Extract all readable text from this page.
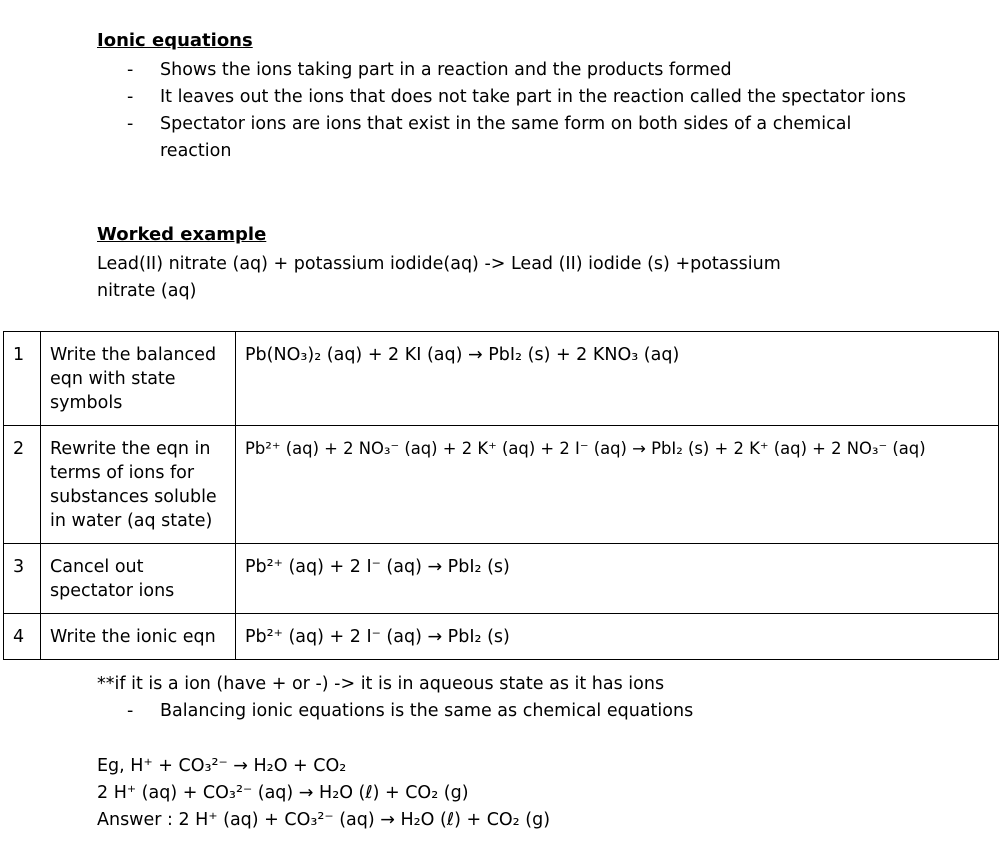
Ionic equations
- Shows the ions taking part in a reaction and the products formed
- It leaves out the ions that does not take part in the reaction called the spectator ions
- Spectator ions are ions that exist in the same form on both sides of a chemical reaction
Worked example
Lead(II) nitrate (aq) + potassium iodide(aq) -> Lead (II) iodide (s) +potassium
nitrate (aq)
1	Write the balanced eqn with state symbols	Pb(NO₃)₂ (aq) + 2 KI (aq) → PbI₂ (s) + 2 KNO₃ (aq)
2	Rewrite the eqn in terms of ions for substances soluble in water (aq state)	Pb²⁺ (aq) + 2 NO₃⁻ (aq) + 2 K⁺ (aq) + 2 I⁻ (aq) → PbI₂ (s) + 2 K⁺ (aq) + 2 NO₃⁻ (aq)
3	Cancel out spectator ions	Pb²⁺ (aq) + 2 I⁻ (aq) → PbI₂ (s)
4	Write the ionic eqn	Pb²⁺ (aq) + 2 I⁻ (aq) → PbI₂ (s)
**if it is a ion (have + or -) -> it is in aqueous state as it has ions
- Balancing ionic equations is the same as chemical equations
Eg, H⁺ + CO₃²⁻ → H₂O + CO₂
2 H⁺ (aq) + CO₃²⁻ (aq) → H₂O (ℓ) + CO₂ (g)
Answer : 2 H⁺ (aq) + CO₃²⁻ (aq) → H₂O (ℓ) + CO₂ (g)
